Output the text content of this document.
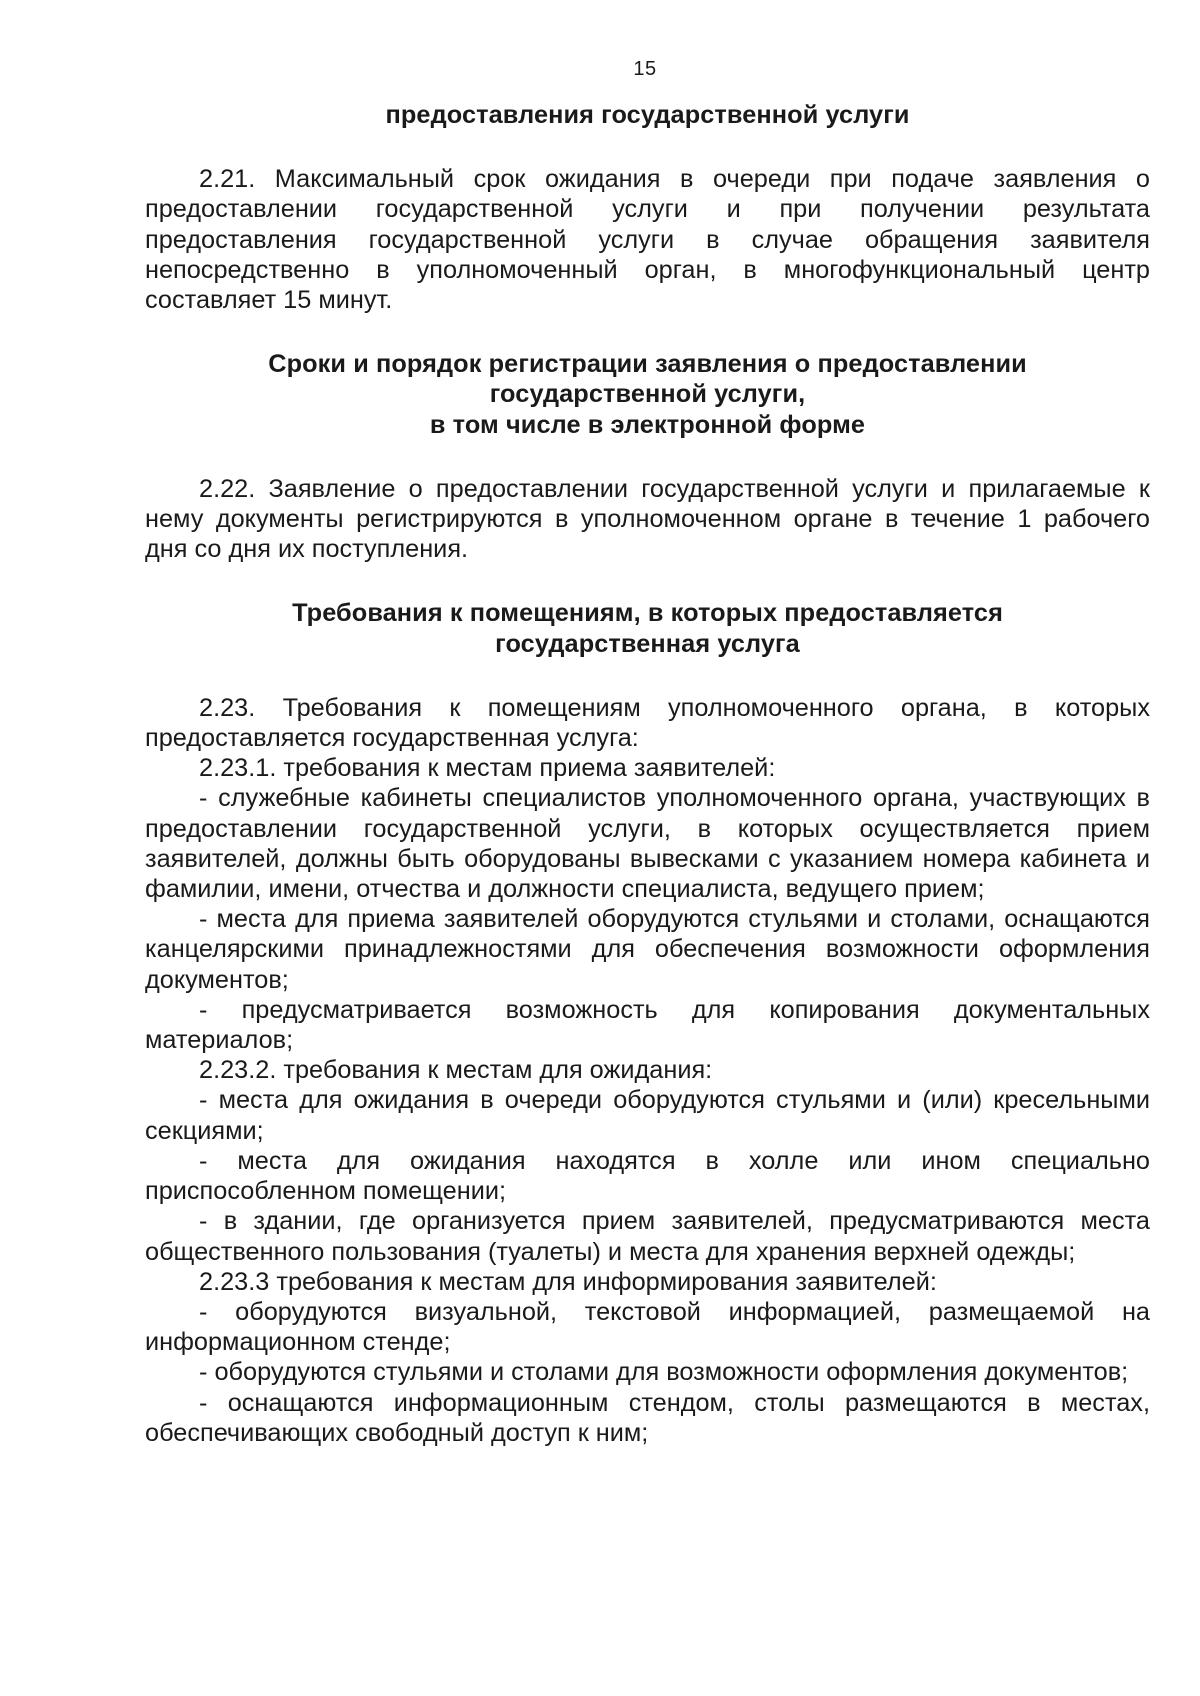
15

предоставления государственной услуги

2.21. Максимальный срок ожидания в очереди при подаче заявления о предоставлении государственной услуги и при получении результата предоставления государственной услуги в случае обращения заявителя непосредственно в уполномоченный орган, в многофункциональный центр составляет 15 минут.

Сроки и порядок регистрации заявления о предоставлении

государственной услуги,

в том числе в электронной форме

2.22. Заявление о предоставлении государственной услуги и прилагаемые к нему документы регистрируются в уполномоченном органе в течение 1 рабочего дня со дня их поступления.

Требования к помещениям, в которых предоставляется

государственная услуга

2.23. Требования к помещениям уполномоченного органа, в которых предоставляется государственная услуга:

2.23.1. требования к местам приема заявителей:

- служебные кабинеты специалистов уполномоченного органа, участвующих в предоставлении государственной услуги, в которых осуществляется прием заявителей, должны быть оборудованы вывесками с указанием номера кабинета и фамилии, имени, отчества и должности специалиста, ведущего прием;

- места для приема заявителей оборудуются стульями и столами, оснащаются канцелярскими принадлежностями для обеспечения возможности оформления документов;

- предусматривается возможность для копирования документальных материалов;

2.23.2. требования к местам для ожидания:

- места для ожидания в очереди оборудуются стульями и (или) кресельными секциями;

- места для ожидания находятся в холле или ином специально приспособленном помещении;

- в здании, где организуется прием заявителей, предусматриваются места общественного пользования (туалеты) и места для хранения верхней одежды;

2.23.3 требования к местам для информирования заявителей:

- оборудуются визуальной, текстовой информацией, размещаемой на информационном стенде;

- оборудуются стульями и столами для возможности оформления документов;

- оснащаются информационным стендом, столы размещаются в местах, обеспечивающих свободный доступ к ним;
